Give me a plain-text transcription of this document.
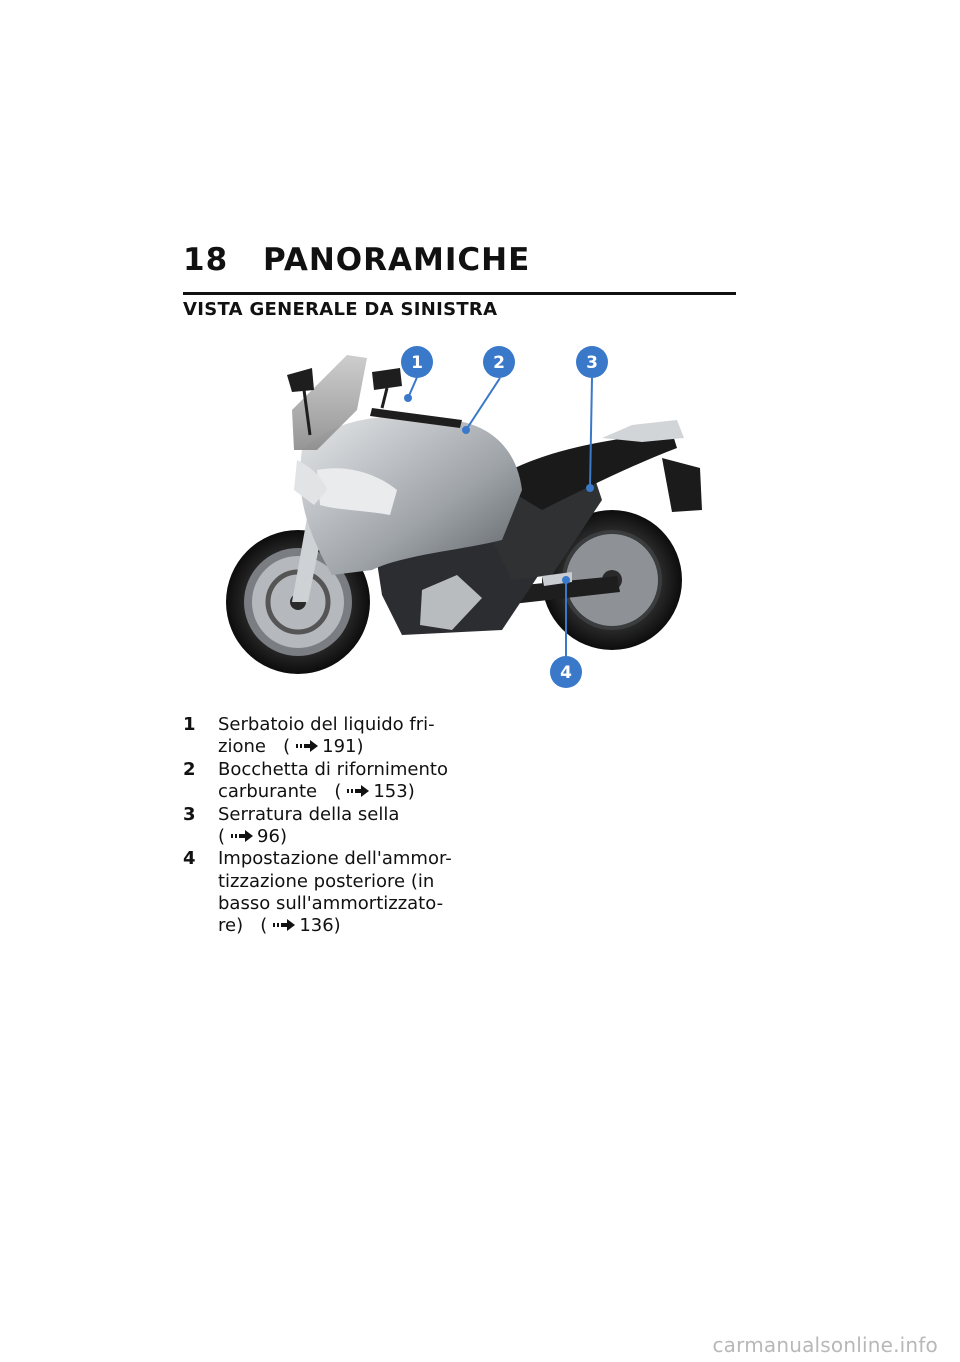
18 PANORAMICHE
VISTA GENERALE DA SINISTRA
1	2	3
4
1	Serbatoio del liquido fri-
zione   ( 191)
2	Bocchetta di rifornimento
carburante   ( 153)
3	Serratura della sella
( 96)
4	Impostazione dell'ammor-
tizzazione posteriore (in
basso sull'ammortizzato-
re)   ( 136)
carmanualsonline.info
